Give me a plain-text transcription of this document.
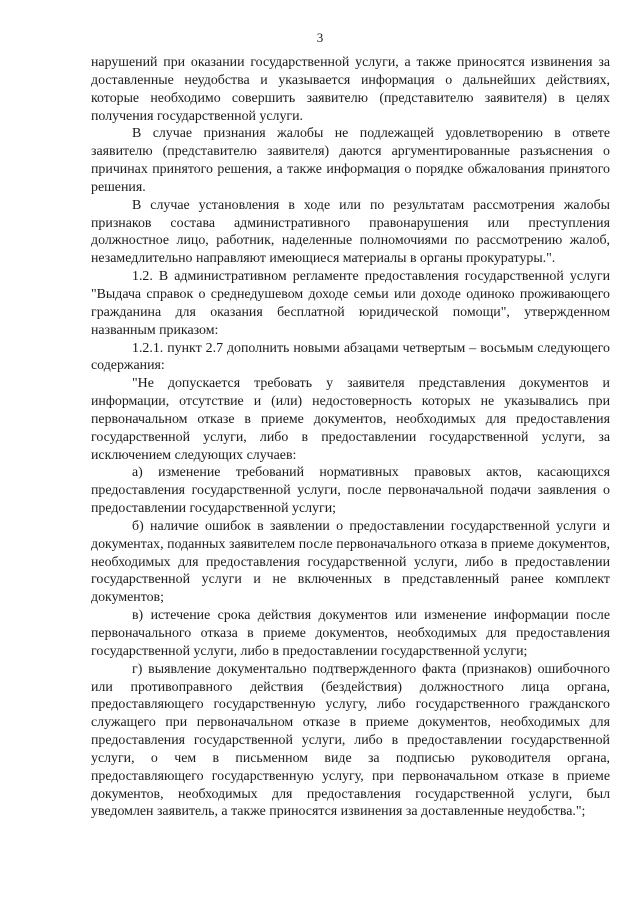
3

нарушений при оказании государственной услуги, а также приносятся извинения за доставленные неудобства и указывается информация о дальнейших действиях, которые необходимо совершить заявителю (представителю заявителя) в целях получения государственной услуги.

В случае признания жалобы не подлежащей удовлетворению в ответе заявителю (представителю заявителя) даются аргументированные разъяснения о причинах принятого решения, а также информация о порядке обжалования принятого решения.

В случае установления в ходе или по результатам рассмотрения жалобы признаков состава административного правонарушения или преступления должностное лицо, работник, наделенные полномочиями по рассмотрению жалоб, незамедлительно направляют имеющиеся материалы в органы прокуратуры.".

1.2. В административном регламенте предоставления государственной услуги "Выдача справок о среднедушевом доходе семьи или доходе одиноко проживающего гражданина для оказания бесплатной юридической помощи", утвержденном названным приказом:

1.2.1. пункт 2.7 дополнить новыми абзацами четвертым – восьмым следующего содержания:

"Не допускается требовать у заявителя представления документов и информации, отсутствие и (или) недостоверность которых не указывались при первоначальном отказе в приеме документов, необходимых для предоставления государственной услуги, либо в предоставлении государственной услуги, за исключением следующих случаев:

а) изменение требований нормативных правовых актов, касающихся предоставления государственной услуги, после первоначальной подачи заявления о предоставлении государственной услуги;

б) наличие ошибок в заявлении о предоставлении государственной услуги и документах, поданных заявителем после первоначального отказа в приеме документов, необходимых для предоставления государственной услуги, либо в предоставлении государственной услуги и не включенных в представленный ранее комплект документов;

в) истечение срока действия документов или изменение информации после первоначального отказа в приеме документов, необходимых для предоставления государственной услуги, либо в предоставлении государственной услуги;

г) выявление документально подтвержденного факта (признаков) ошибочного или противоправного действия (бездействия) должностного лица органа, предоставляющего государственную услугу, либо государственного гражданского служащего при первоначальном отказе в приеме документов, необходимых для предоставления государственной услуги, либо в предоставлении государственной услуги, о чем в письменном виде за подписью руководителя органа, предоставляющего государственную услугу, при первоначальном отказе в приеме документов, необходимых для предоставления государственной услуги, был уведомлен заявитель, а также приносятся извинения за доставленные неудобства.";
